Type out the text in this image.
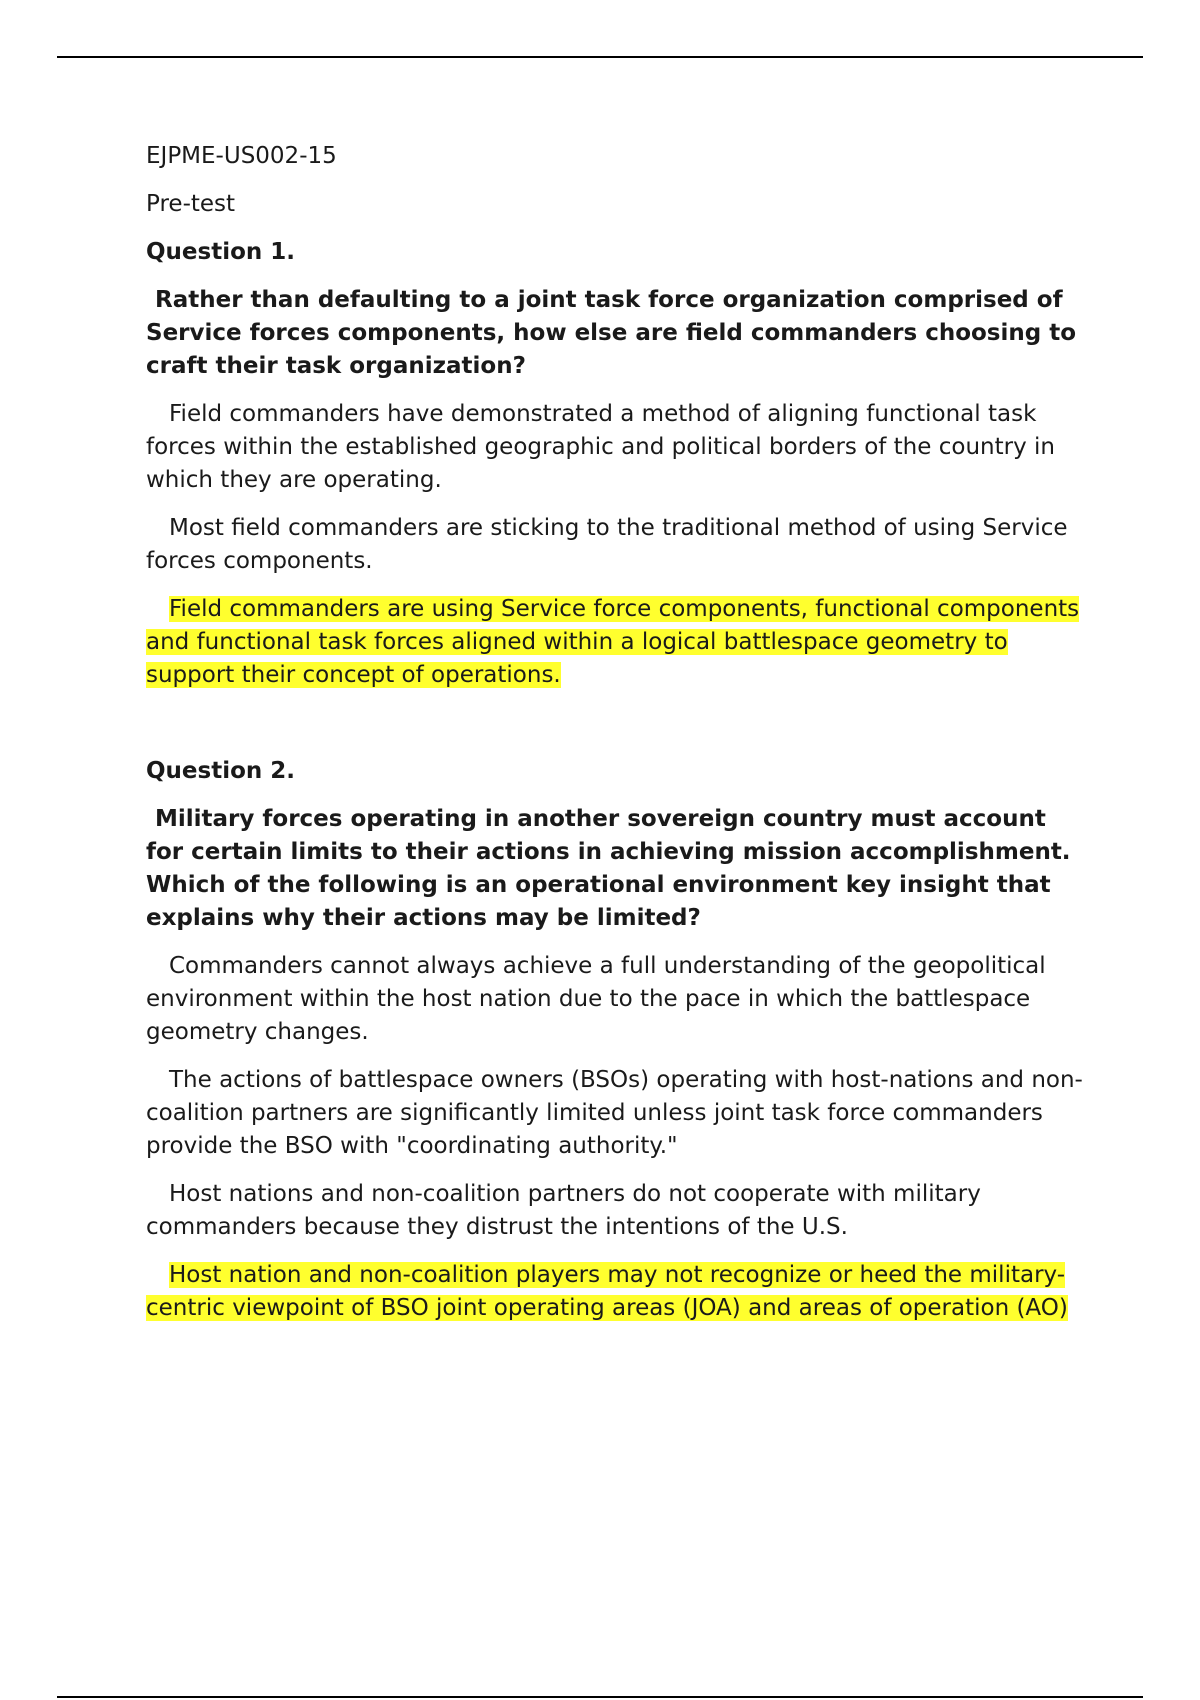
EJPME-US002-15

Pre-test

Question 1.

Rather than defaulting to a joint task force organization comprised of Service forces components, how else are field commanders choosing to craft their task organization?

Field commanders have demonstrated a method of aligning functional task forces within the established geographic and political borders of the country in which they are operating.

Most field commanders are sticking to the traditional method of using Service forces components.

Field commanders are using Service force components, functional components and functional task forces aligned within a logical battlespace geometry to support their concept of operations.

Question 2.

Military forces operating in another sovereign country must account for certain limits to their actions in achieving mission accomplishment. Which of the following is an operational environment key insight that explains why their actions may be limited?

Commanders cannot always achieve a full understanding of the geopolitical environment within the host nation due to the pace in which the battlespace geometry changes.

The actions of battlespace owners (BSOs) operating with host-nations and non-coalition partners are significantly limited unless joint task force commanders provide the BSO with "coordinating authority."

Host nations and non-coalition partners do not cooperate with military commanders because they distrust the intentions of the U.S.

Host nation and non-coalition players may not recognize or heed the military-centric viewpoint of BSO joint operating areas (JOA) and areas of operation (AO)
